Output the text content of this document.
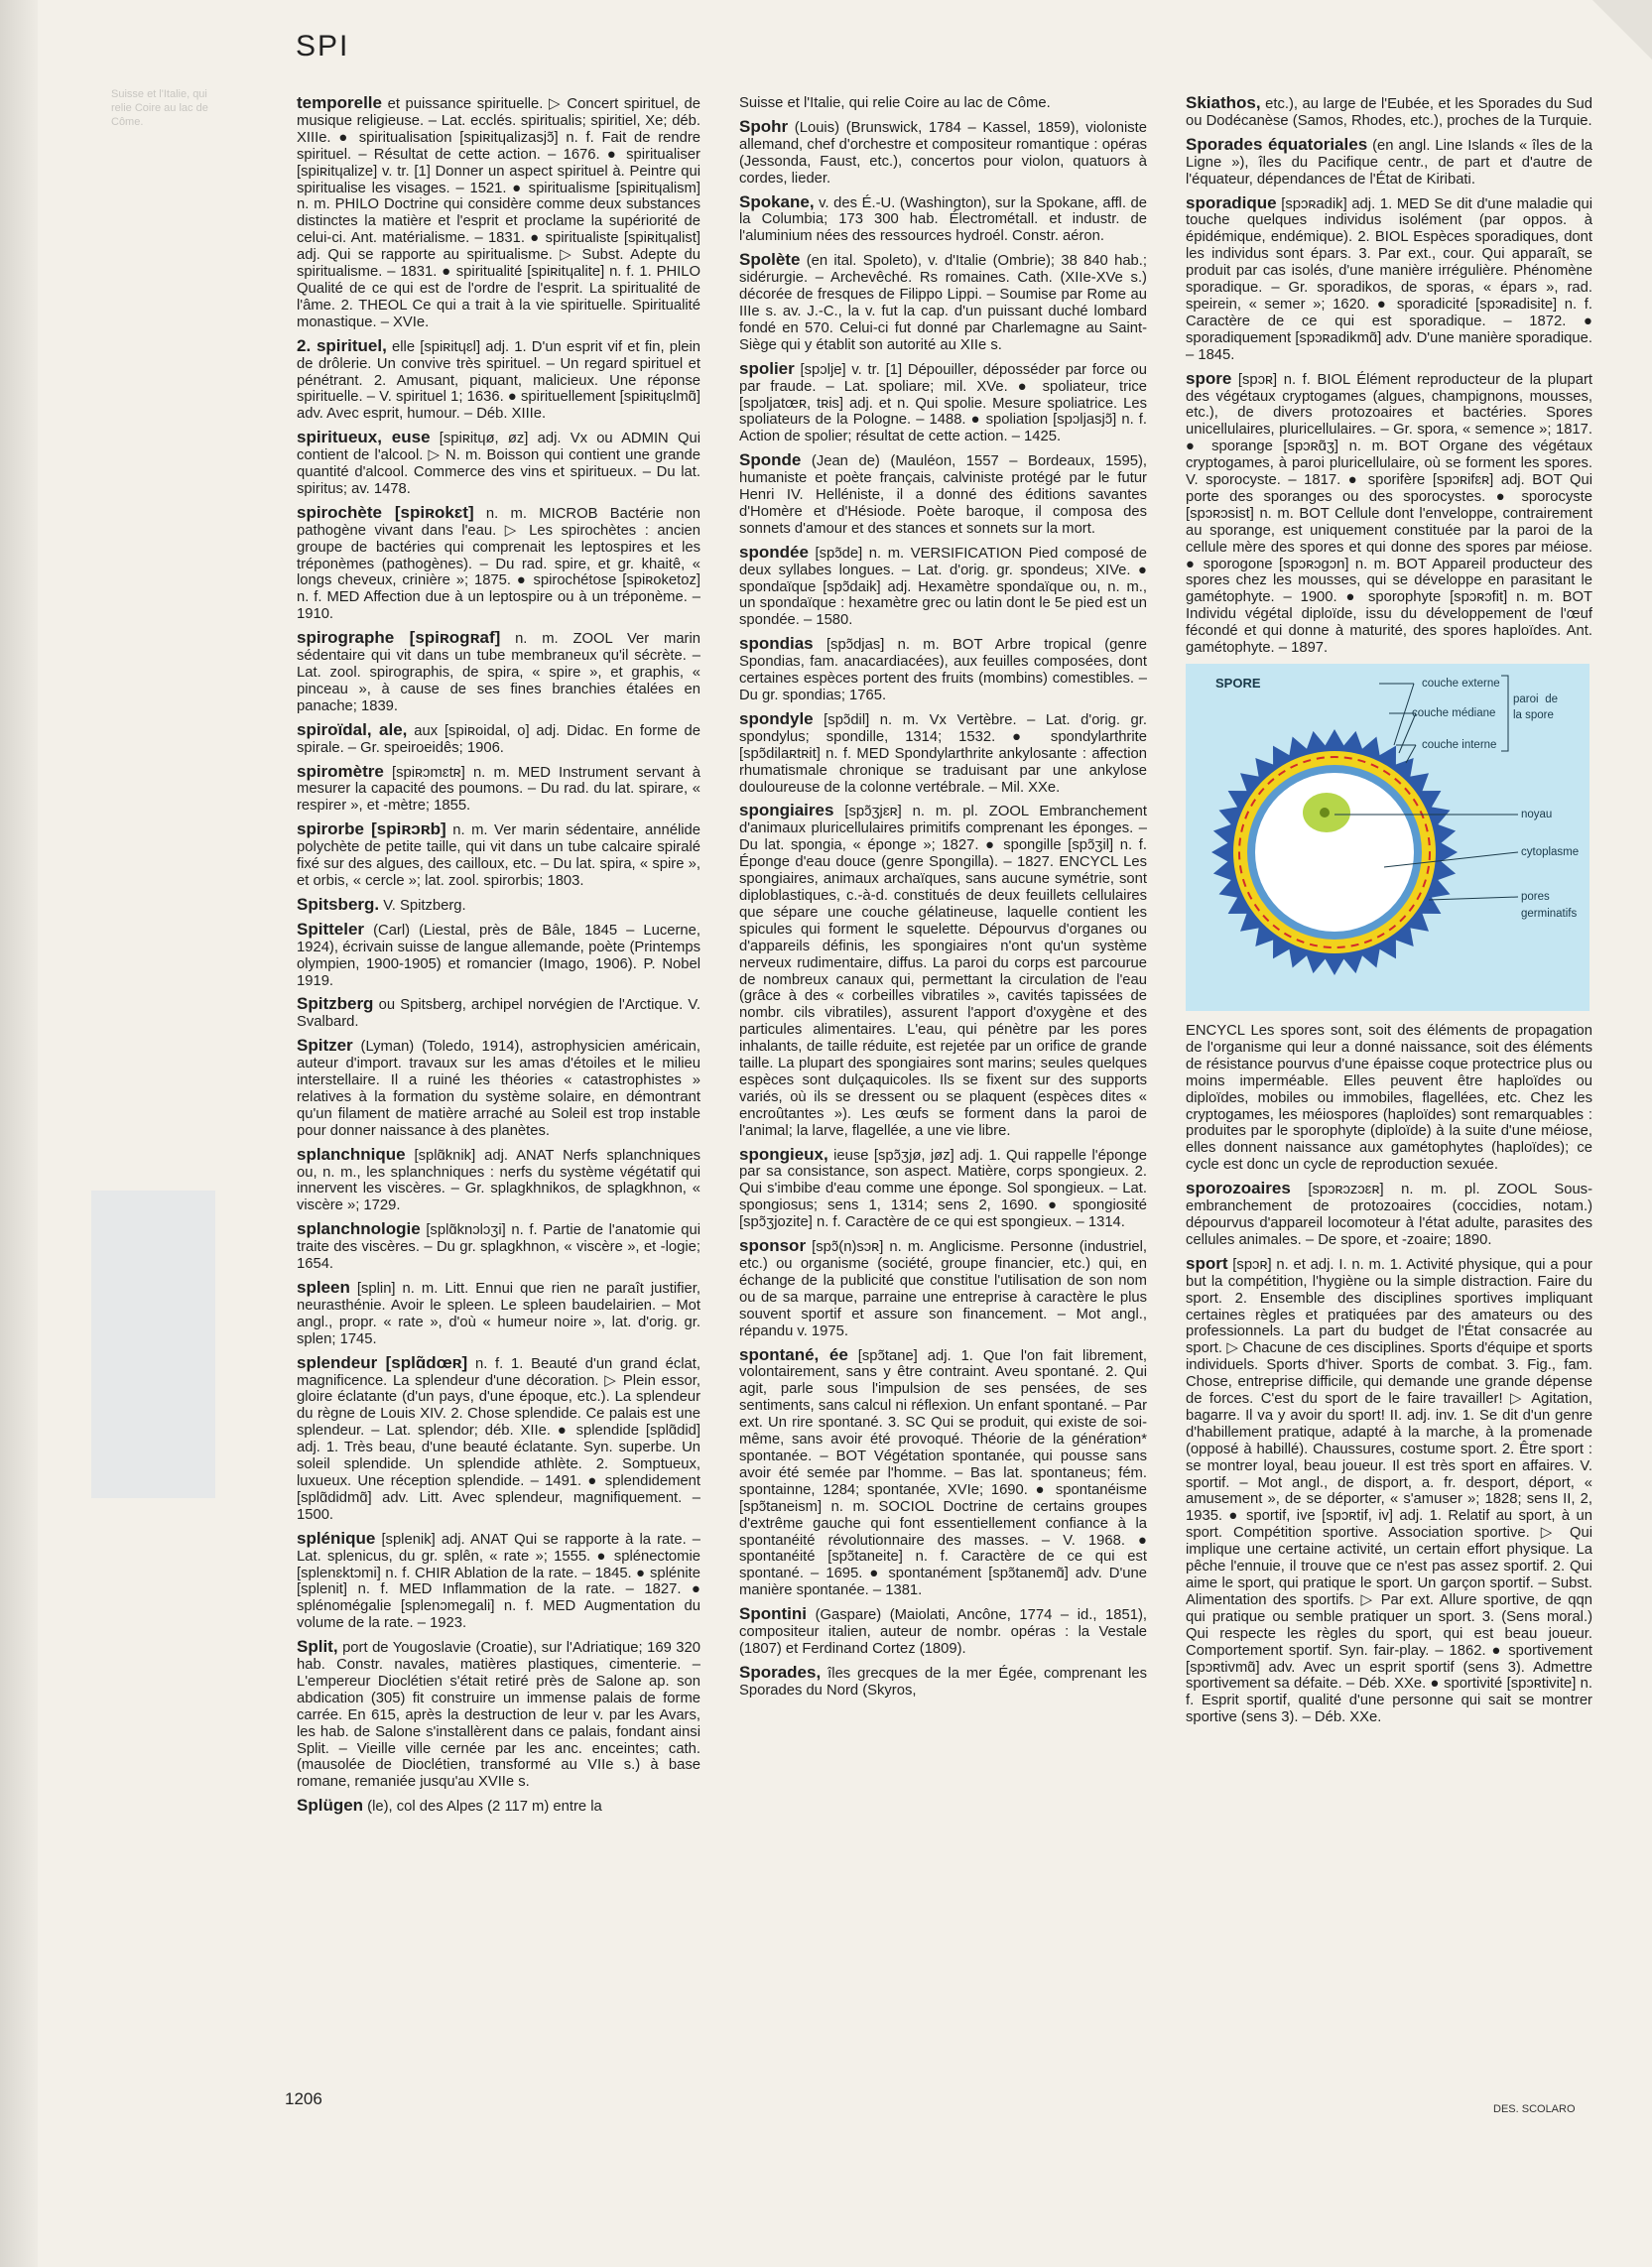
SPI
Suisse et l'Italie, qui relie Coire au lac de Côme.

temporelle et puissance spirituelle. ▷ Concert spirituel, de musique religieuse. – Lat. ecclés. spiritualis; spiritiel, Xe; déb. XIIIe. ● spiritualisation [spiʀitɥalizasjɔ̃] n. f. Fait de rendre spirituel. – Résultat de cette action. – 1676. ● spiritualiser [spiʀitɥalize] v. tr. [1] Donner un aspect spirituel à. Peintre qui spiritualise les visages. – 1521. ● spiritualisme [spiʀitɥalism] n. m. PHILO Doctrine qui considère comme deux substances distinctes la matière et l'esprit et proclame la supériorité de celui-ci. Ant. matérialisme. – 1831. ● spiritualiste [spiʀitɥalist] adj. Qui se rapporte au spiritualisme. ▷ Subst. Adepte du spiritualisme. – 1831. ● spiritualité [spiʀitɥalite] n. f. 1. PHILO Qualité de ce qui est de l'ordre de l'esprit. La spiritualité de l'âme. 2. THEOL Ce qui a trait à la vie spirituelle. Spiritualité monastique. – XVIe.

2. spirituel, elle [spiʀitɥɛl] adj. 1. D'un esprit vif et fin, plein de drôlerie. Un convive très spirituel. – Un regard spirituel et pénétrant. 2. Amusant, piquant, malicieux. Une réponse spirituelle. – V. spirituel 1; 1636. ● spirituellement [spiʀitɥɛlmɑ̃] adv. Avec esprit, humour. – Déb. XIIIe.

spiritueux, euse [spiʀitɥø, øz] adj. Vx ou ADMIN Qui contient de l'alcool. ▷ N. m. Boisson qui contient une grande quantité d'alcool. Commerce des vins et spiritueux. – Du lat. spiritus; av. 1478.

spirochète [spiʀokɛt] n. m. MICROB Bactérie non pathogène vivant dans l'eau. ▷ Les spirochètes : ancien groupe de bactéries qui comprenait les leptospires et les tréponèmes (pathogènes). – Du rad. spire, et gr. khaitê, « longs cheveux, crinière »; 1875. ● spirochétose [spiʀoketoz] n. f. MED Affection due à un leptospire ou à un tréponème. – 1910.

spirographe [spiʀogʀaf] n. m. ZOOL Ver marin sédentaire qui vit dans un tube membraneux qu'il sécrète. – Lat. zool. spirographis, de spira, « spire », et graphis, « pinceau », à cause de ses fines branchies étalées en panache; 1839.

spiroïdal, ale, aux [spiʀoidal, o] adj. Didac. En forme de spirale. – Gr. speiroeidês; 1906.

spiromètre [spiʀɔmɛtʀ] n. m. MED Instrument servant à mesurer la capacité des poumons. – Du rad. du lat. spirare, « respirer », et -mètre; 1855.

spirorbe [spiʀɔʀb] n. m. Ver marin sédentaire, annélide polychète de petite taille, qui vit dans un tube calcaire spiralé fixé sur des algues, des cailloux, etc. – Du lat. spira, « spire », et orbis, « cercle »; lat. zool. spirorbis; 1803.

Spitsberg. V. Spitzberg.

Spitteler (Carl) (Liestal, près de Bâle, 1845 – Lucerne, 1924), écrivain suisse de langue allemande, poète (Printemps olympien, 1900-1905) et romancier (Imago, 1906). P. Nobel 1919.

Spitzberg ou Spitsberg, archipel norvégien de l'Arctique. V. Svalbard.

Spitzer (Lyman) (Toledo, 1914), astrophysicien américain, auteur d'import. travaux sur les amas d'étoiles et le milieu interstellaire. Il a ruiné les théories « catastrophistes » relatives à la formation du système solaire, en démontrant qu'un filament de matière arraché au Soleil est trop instable pour donner naissance à des planètes.

splanchnique [splɑ̃knik] adj. ANAT Nerfs splanchniques ou, n. m., les splanchniques : nerfs du système végétatif qui innervent les viscères. – Gr. splagkhnikos, de splagkhnon, « viscère »; 1729.

splanchnologie [splɑ̃knɔlɔʒi] n. f. Partie de l'anatomie qui traite des viscères. – Du gr. splagkhnon, « viscère », et -logie; 1654.

spleen [splin] n. m. Litt. Ennui que rien ne paraît justifier, neurasthénie. Avoir le spleen. Le spleen baudelairien. – Mot angl., propr. « rate », d'où « humeur noire », lat. d'orig. gr. splen; 1745.

splendeur [splɑ̃dœʀ] n. f. 1. Beauté d'un grand éclat, magnificence. La splendeur d'une décoration. ▷ Plein essor, gloire éclatante (d'un pays, d'une époque, etc.). La splendeur du règne de Louis XIV. 2. Chose splendide. Ce palais est une splendeur. – Lat. splendor; déb. XIIe. ● splendide [splɑ̃did] adj. 1. Très beau, d'une beauté éclatante. Syn. superbe. Un soleil splendide. Un splendide athlète. 2. Somptueux, luxueux. Une réception splendide. – 1491. ● splendidement [splɑ̃didmɑ̃] adv. Litt. Avec splendeur, magnifiquement. – 1500.

splénique [splenik] adj. ANAT Qui se rapporte à la rate. – Lat. splenicus, du gr. splên, « rate »; 1555. ● splénectomie [splenɛktɔmi] n. f. CHIR Ablation de la rate. – 1845. ● splénite [splenit] n. f. MED Inflammation de la rate. – 1827. ● splénomégalie [splenɔmegali] n. f. MED Augmentation du volume de la rate. – 1923.

Split, port de Yougoslavie (Croatie), sur l'Adriatique; 169 320 hab. Constr. navales, matières plastiques, cimenterie. – L'empereur Dioclétien s'était retiré près de Salone ap. son abdication (305) fit construire un immense palais de forme carrée. En 615, après la destruction de leur v. par les Avars, les hab. de Salone s'installèrent dans ce palais, fondant ainsi Split. – Vieille ville cernée par les anc. enceintes; cath. (mausolée de Dioclétien, transformé au VIIe s.) à base romane, remaniée jusqu'au XVIIe s.

Splügen (le), col des Alpes (2 117 m) entre la

Suisse et l'Italie, qui relie Coire au lac de Côme.

Spohr (Louis) (Brunswick, 1784 – Kassel, 1859), violoniste allemand, chef d'orchestre et compositeur romantique : opéras (Jessonda, Faust, etc.), concertos pour violon, quatuors à cordes, lieder.

Spokane, v. des É.-U. (Washington), sur la Spokane, affl. de la Columbia; 173 300 hab. Électrométall. et industr. de l'aluminium nées des ressources hydroél. Constr. aéron.

Spolète (en ital. Spoleto), v. d'Italie (Ombrie); 38 840 hab.; sidérurgie. – Archevêché. Rs romaines. Cath. (XIIe-XVe s.) décorée de fresques de Filippo Lippi. – Soumise par Rome au IIIe s. av. J.-C., la v. fut la cap. d'un puissant duché lombard fondé en 570. Celui-ci fut donné par Charlemagne au Saint-Siège qui y établit son autorité au XIIe s.

spolier [spɔlje] v. tr. [1] Dépouiller, déposséder par force ou par fraude. – Lat. spoliare; mil. XVe. ● spoliateur, trice [spɔljatœʀ, tʀis] adj. et n. Qui spolie. Mesure spoliatrice. Les spoliateurs de la Pologne. – 1488. ● spoliation [spɔljasjɔ̃] n. f. Action de spolier; résultat de cette action. – 1425.

Sponde (Jean de) (Mauléon, 1557 – Bordeaux, 1595), humaniste et poète français, calviniste protégé par le futur Henri IV. Helléniste, il a donné des éditions savantes d'Homère et d'Hésiode. Poète baroque, il composa des sonnets d'amour et des stances et sonnets sur la mort.

spondée [spɔ̃de] n. m. VERSIFICATION Pied composé de deux syllabes longues. – Lat. d'orig. gr. spondeus; XIVe. ● spondaïque [spɔ̃daik] adj. Hexamètre spondaïque ou, n. m., un spondaïque : hexamètre grec ou latin dont le 5e pied est un spondée. – 1580.

spondias [spɔ̃djas] n. m. BOT Arbre tropical (genre Spondias, fam. anacardiacées), aux feuilles composées, dont certaines espèces portent des fruits (mombins) comestibles. – Du gr. spondias; 1765.

spondyle [spɔ̃dil] n. m. Vx Vertèbre. – Lat. d'orig. gr. spondylus; spondille, 1314; 1532. ● spondylarthrite [spɔ̃dilaʀtʀit] n. f. MED Spondylarthrite ankylosante : affection rhumatismale chronique se traduisant par une ankylose douloureuse de la colonne vertébrale. – Mil. XXe.

spongiaires [spɔ̃ʒjɛʀ] n. m. pl. ZOOL Embranchement d'animaux pluricellulaires primitifs comprenant les éponges. – Du lat. spongia, « éponge »; 1827. ● spongille [spɔ̃ʒil] n. f. Éponge d'eau douce (genre Spongilla). – 1827. ENCYCL Les spongiaires, animaux archaïques, sans aucune symétrie, sont diploblastiques, c.-à-d. constitués de deux feuillets cellulaires que sépare une couche gélatineuse, laquelle contient les spicules qui forment le squelette. Dépourvus d'organes ou d'appareils définis, les spongiaires n'ont qu'un système nerveux rudimentaire, diffus. La paroi du corps est parcourue de nombreux canaux qui, permettant la circulation de l'eau (grâce à des « corbeilles vibratiles », cavités tapissées de nombr. cils vibratiles), assurent l'apport d'oxygène et des particules alimentaires. L'eau, qui pénètre par les pores inhalants, de taille réduite, est rejetée par un orifice de grande taille. La plupart des spongiaires sont marins; seules quelques espèces sont dulçaquicoles. Ils se fixent sur des supports variés, où ils se dressent ou se plaquent (espèces dites « encroûtantes »). Les œufs se forment dans la paroi de l'animal; la larve, flagellée, a une vie libre.

spongieux, ieuse [spɔ̃ʒjø, jøz] adj. 1. Qui rappelle l'éponge par sa consistance, son aspect. Matière, corps spongieux. 2. Qui s'imbibe d'eau comme une éponge. Sol spongieux. – Lat. spongiosus; sens 1, 1314; sens 2, 1690. ● spongiosité [spɔ̃ʒjozite] n. f. Caractère de ce qui est spongieux. – 1314.

sponsor [spɔ̃(n)sɔʀ] n. m. Anglicisme. Personne (industriel, etc.) ou organisme (société, groupe financier, etc.) qui, en échange de la publicité que constitue l'utilisation de son nom ou de sa marque, parraine une entreprise à caractère le plus souvent sportif et assure son financement. – Mot angl., répandu v. 1975.

spontané, ée [spɔ̃tane] adj. 1. Que l'on fait librement, volontairement, sans y être contraint. Aveu spontané. 2. Qui agit, parle sous l'impulsion de ses pensées, de ses sentiments, sans calcul ni réflexion. Un enfant spontané. – Par ext. Un rire spontané. 3. SC Qui se produit, qui existe de soi-même, sans avoir été provoqué. Théorie de la génération* spontanée. – BOT Végétation spontanée, qui pousse sans avoir été semée par l'homme. – Bas lat. spontaneus; fém. spontainne, 1284; spontanée, XVIe; 1690. ● spontanéisme [spɔ̃taneism] n. m. SOCIOL Doctrine de certains groupes d'extrême gauche qui font essentiellement confiance à la spontanéité révolutionnaire des masses. – V. 1968. ● spontanéité [spɔ̃taneite] n. f. Caractère de ce qui est spontané. – 1695. ● spontanément [spɔ̃tanemɑ̃] adv. D'une manière spontanée. – 1381.

Spontini (Gaspare) (Maiolati, Ancône, 1774 – id., 1851), compositeur italien, auteur de nombr. opéras : la Vestale (1807) et Ferdinand Cortez (1809).

Sporades, îles grecques de la mer Égée, comprenant les Sporades du Nord (Skyros,

Skiathos, etc.), au large de l'Eubée, et les Sporades du Sud ou Dodécanèse (Samos, Rhodes, etc.), proches de la Turquie.

Sporades équatoriales (en angl. Line Islands « îles de la Ligne »), îles du Pacifique centr., de part et d'autre de l'équateur, dépendances de l'État de Kiribati.

sporadique [spɔʀadik] adj. 1. MED Se dit d'une maladie qui touche quelques individus isolément (par oppos. à épidémique, endémique). 2. BIOL Espèces sporadiques, dont les individus sont épars. 3. Par ext., cour. Qui apparaît, se produit par cas isolés, d'une manière irrégulière. Phénomène sporadique. – Gr. sporadikos, de sporas, « épars », rad. speirein, « semer »; 1620. ● sporadicité [spɔʀadisite] n. f. Caractère de ce qui est sporadique. – 1872. ● sporadiquement [spɔʀadikmɑ̃] adv. D'une manière sporadique. – 1845.

spore [spɔʀ] n. f. BIOL Élément reproducteur de la plupart des végétaux cryptogames (algues, champignons, mousses, etc.), de divers protozoaires et bactéries. Spores unicellulaires, pluricellulaires. – Gr. spora, « semence »; 1817. ● sporange [spɔʀɑ̃ʒ] n. m. BOT Organe des végétaux cryptogames, à paroi pluricellulaire, où se forment les spores. V. sporocyste. – 1817. ● sporifère [spɔʀifɛʀ] adj. BOT Qui porte des sporanges ou des sporocystes. ● sporocyste [spɔʀɔsist] n. m. BOT Cellule dont l'enveloppe, contrairement au sporange, est uniquement constituée par la paroi de la cellule mère des spores et qui donne des spores par méiose. ● sporogone [spɔʀɔgɔn] n. m. BOT Appareil producteur des spores chez les mousses, qui se développe en parasitant le gamétophyte. – 1900. ● sporophyte [spɔʀɔfit] n. m. BOT Individu végétal diploïde, issu du développement de l'œuf fécondé et qui donne à maturité, des spores haploïdes. Ant. gamétophyte. – 1897.

SPORE	couche externe
couche médiane
couche interne
paroi de la spore
noyau
cytoplasme
pores germinatifs

ENCYCL Les spores sont, soit des éléments de propagation de l'organisme qui leur a donné naissance, soit des éléments de résistance pourvus d'une épaisse coque protectrice plus ou moins imperméable. Elles peuvent être haploïdes ou diploïdes, mobiles ou immobiles, flagellées, etc. Chez les cryptogames, les méiospores (haploïdes) sont remarquables : produites par le sporophyte (diploïde) à la suite d'une méiose, elles donnent naissance aux gamétophytes (haploïdes); ce cycle est donc un cycle de reproduction sexuée.

sporozoaires [spɔʀɔzɔɛʀ] n. m. pl. ZOOL Sous-embranchement de protozoaires (coccidies, notam.) dépourvus d'appareil locomoteur à l'état adulte, parasites des cellules animales. – De spore, et -zoaire; 1890.

sport [spɔʀ] n. et adj. I. n. m. 1. Activité physique, qui a pour but la compétition, l'hygiène ou la simple distraction. Faire du sport. 2. Ensemble des disciplines sportives impliquant certaines règles et pratiquées par des amateurs ou des professionnels. La part du budget de l'État consacrée au sport. ▷ Chacune de ces disciplines. Sports d'équipe et sports individuels. Sports d'hiver. Sports de combat. 3. Fig., fam. Chose, entreprise difficile, qui demande une grande dépense de forces. C'est du sport de le faire travailler! ▷ Agitation, bagarre. Il va y avoir du sport! II. adj. inv. 1. Se dit d'un genre d'habillement pratique, adapté à la marche, à la promenade (opposé à habillé). Chaussures, costume sport. 2. Être sport : se montrer loyal, beau joueur. Il est très sport en affaires. V. sportif. – Mot angl., de disport, a. fr. desport, déport, « amusement », de se déporter, « s'amuser »; 1828; sens II, 2, 1935. ● sportif, ive [spɔʀtif, iv] adj. 1. Relatif au sport, à un sport. Compétition sportive. Association sportive. ▷ Qui implique une certaine activité, un certain effort physique. La pêche l'ennuie, il trouve que ce n'est pas assez sportif. 2. Qui aime le sport, qui pratique le sport. Un garçon sportif. – Subst. Alimentation des sportifs. ▷ Par ext. Allure sportive, de qqn qui pratique ou semble pratiquer un sport. 3. (Sens moral.) Qui respecte les règles du sport, qui est beau joueur. Comportement sportif. Syn. fair-play. – 1862. ● sportivement [spɔʀtivmɑ̃] adv. Avec un esprit sportif (sens 3). Admettre sportivement sa défaite. – Déb. XXe. ● sportivité [spɔʀtivite] n. f. Esprit sportif, qualité d'une personne qui sait se montrer sportive (sens 3). – Déb. XXe.

1206
DES. SCOLARO
